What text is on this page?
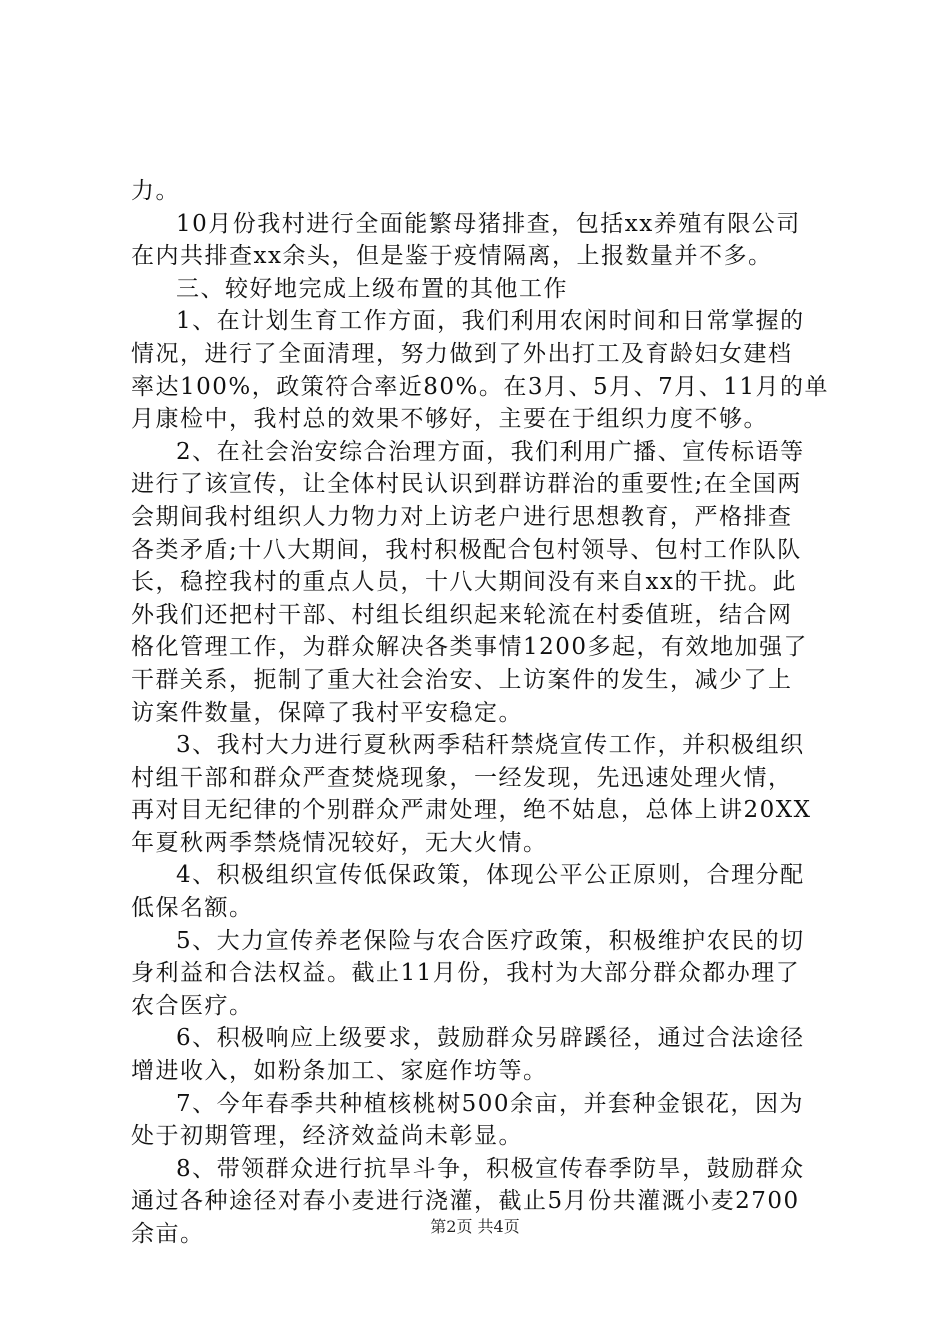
力。
10月份我村进行全面能繁母猪排查，包括xx养殖有限公司
在内共排查xx余头，但是鉴于疫情隔离，上报数量并不多。
三、较好地完成上级布置的其他工作
1、在计划生育工作方面，我们利用农闲时间和日常掌握的
情况，进行了全面清理，努力做到了外出打工及育龄妇女建档
率达100%，政策符合率近80%。在3月、5月、7月、11月的单
月康检中，我村总的效果不够好，主要在于组织力度不够。
2、在社会治安综合治理方面，我们利用广播、宣传标语等
进行了该宣传，让全体村民认识到群访群治的重要性;在全国两
会期间我村组织人力物力对上访老户进行思想教育，严格排查
各类矛盾;十八大期间，我村积极配合包村领导、包村工作队队
长，稳控我村的重点人员，十八大期间没有来自xx的干扰。此
外我们还把村干部、村组长组织起来轮流在村委值班，结合网
格化管理工作，为群众解决各类事情1200多起，有效地加强了
干群关系，扼制了重大社会治安、上访案件的发生，减少了上
访案件数量，保障了我村平安稳定。
3、我村大力进行夏秋两季秸秆禁烧宣传工作，并积极组织
村组干部和群众严查焚烧现象，一经发现，先迅速处理火情，
再对目无纪律的个别群众严肃处理，绝不姑息，总体上讲20XX
年夏秋两季禁烧情况较好，无大火情。
4、积极组织宣传低保政策，体现公平公正原则，合理分配
低保名额。
5、大力宣传养老保险与农合医疗政策，积极维护农民的切
身利益和合法权益。截止11月份，我村为大部分群众都办理了
农合医疗。
6、积极响应上级要求，鼓励群众另辟蹊径，通过合法途径
增进收入，如粉条加工、家庭作坊等。
7、今年春季共种植核桃树500余亩，并套种金银花，因为
处于初期管理，经济效益尚未彰显。
8、带领群众进行抗旱斗争，积极宣传春季防旱，鼓励群众
通过各种途径对春小麦进行浇灌，截止5月份共灌溉小麦2700
余亩。	第2页 共4页
